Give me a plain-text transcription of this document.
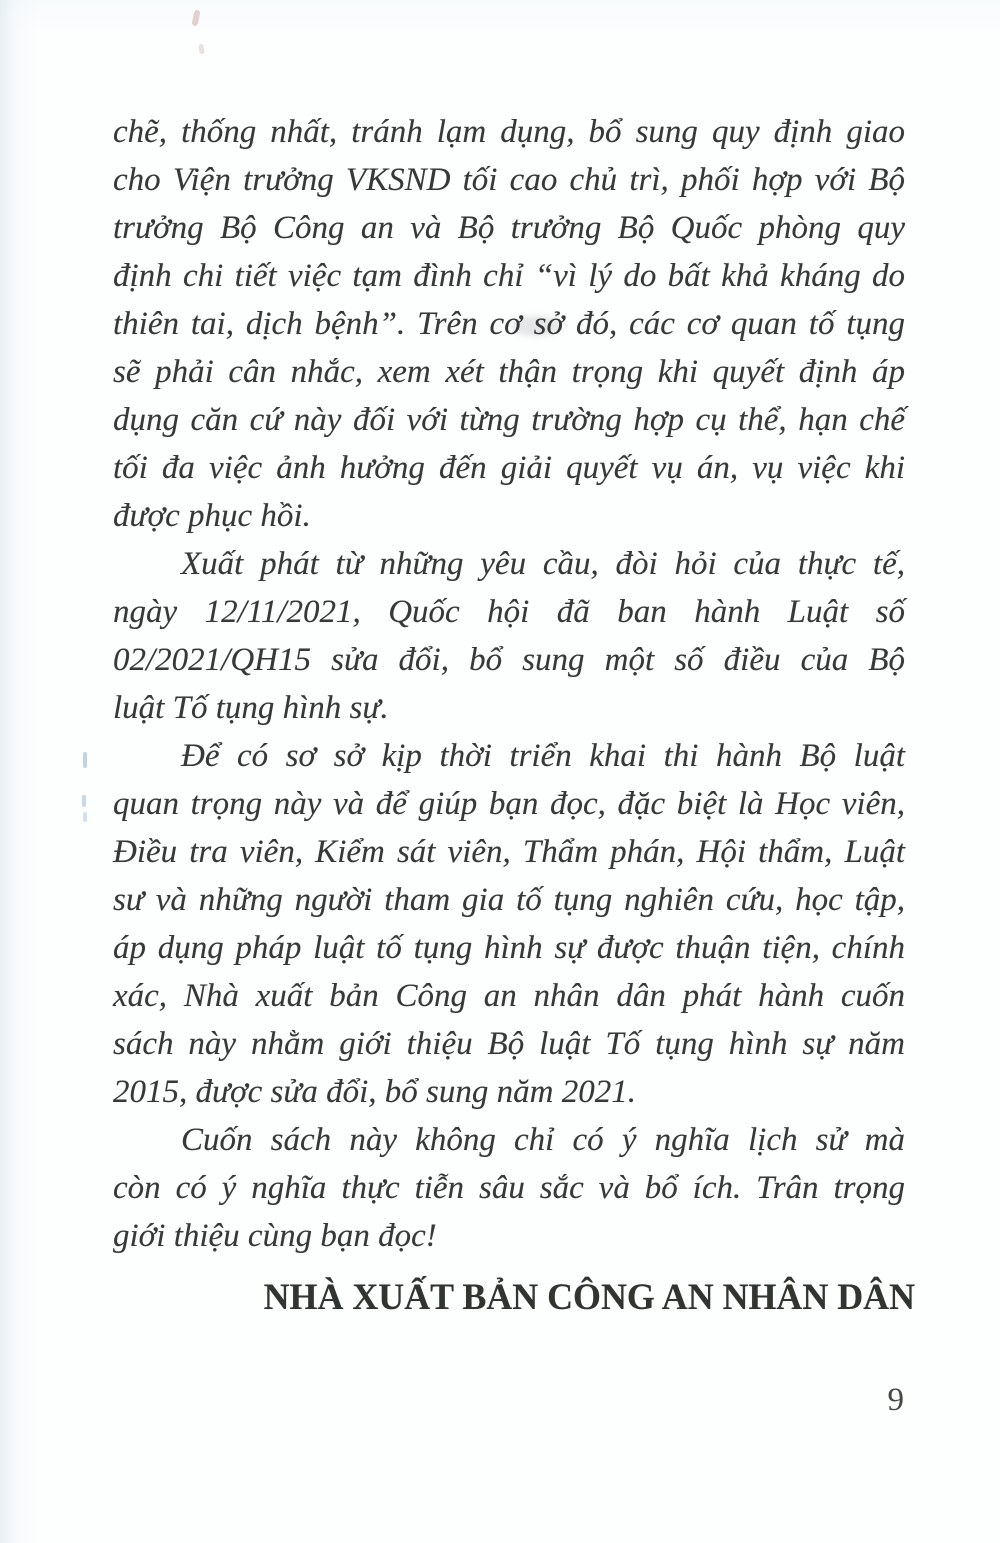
chẽ, thống nhất, tránh lạm dụng, bổ sung quy định giao
cho Viện trưởng VKSND tối cao chủ trì, phối hợp với Bộ
trưởng Bộ Công an và Bộ trưởng Bộ Quốc phòng quy
định chi tiết việc tạm đình chỉ “vì lý do bất khả kháng do
thiên tai, dịch bệnh”. Trên cơ sở đó, các cơ quan tố tụng
sẽ phải cân nhắc, xem xét thận trọng khi quyết định áp
dụng căn cứ này đối với từng trường hợp cụ thể, hạn chế
tối đa việc ảnh hưởng đến giải quyết vụ án, vụ việc khi
được phục hồi.
Xuất phát từ những yêu cầu, đòi hỏi của thực tế,
ngày 12/11/2021, Quốc hội đã ban hành Luật số
02/2021/QH15 sửa đổi, bổ sung một số điều của Bộ
luật Tố tụng hình sự.
Để có sơ sở kịp thời triển khai thi hành Bộ luật
quan trọng này và để giúp bạn đọc, đặc biệt là Học viên,
Điều tra viên, Kiểm sát viên, Thẩm phán, Hội thẩm, Luật
sư và những người tham gia tố tụng nghiên cứu, học tập,
áp dụng pháp luật tố tụng hình sự được thuận tiện, chính
xác, Nhà xuất bản Công an nhân dân phát hành cuốn
sách này nhằm giới thiệu Bộ luật Tố tụng hình sự năm
2015, được sửa đổi, bổ sung năm 2021.
Cuốn sách này không chỉ có ý nghĩa lịch sử mà
còn có ý nghĩa thực tiễn sâu sắc và bổ ích. Trân trọng
giới thiệu cùng bạn đọc!
NHÀ XUẤT BẢN CÔNG AN NHÂN DÂN
9
